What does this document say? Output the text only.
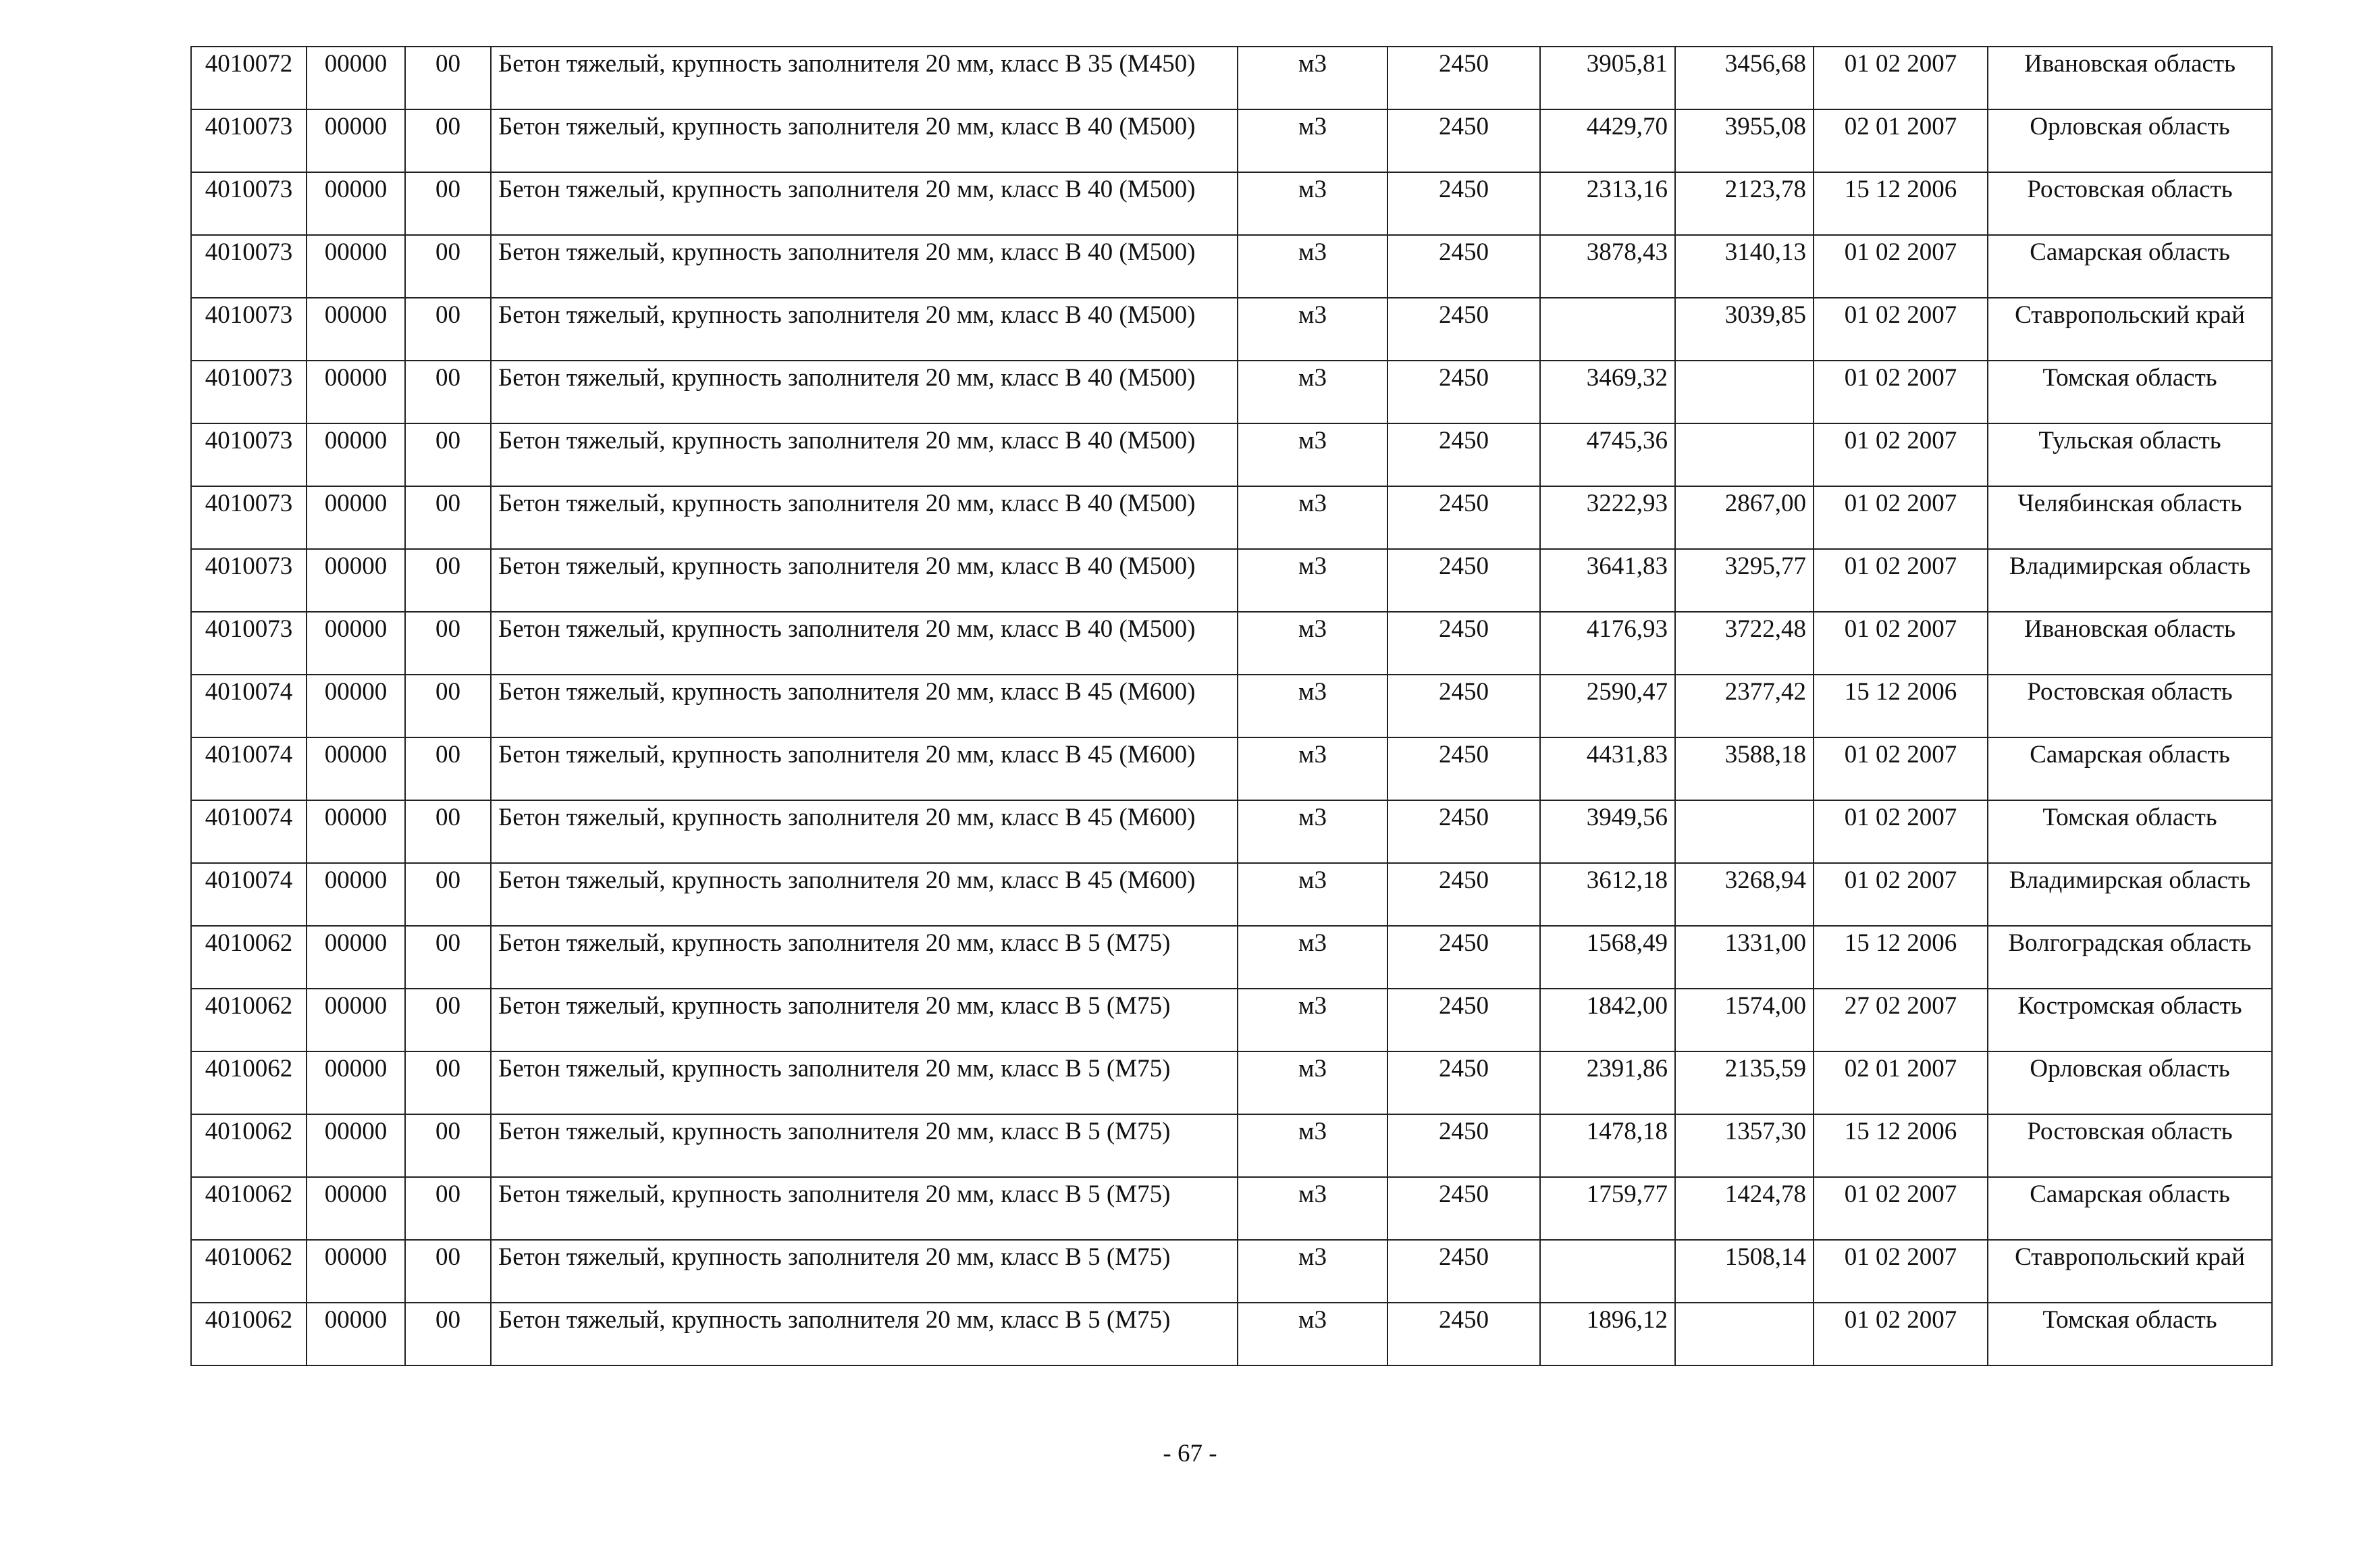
4010072	00000	00	Бетон тяжелый, крупность заполнителя 20 мм, класс В 35 (М450)	м3	2450	3905,81	3456,68	01 02 2007	Ивановская область
4010073	00000	00	Бетон тяжелый, крупность заполнителя 20 мм, класс В 40 (М500)	м3	2450	4429,70	3955,08	02 01 2007	Орловская область
4010073	00000	00	Бетон тяжелый, крупность заполнителя 20 мм, класс В 40 (М500)	м3	2450	2313,16	2123,78	15 12 2006	Ростовская область
4010073	00000	00	Бетон тяжелый, крупность заполнителя 20 мм, класс В 40 (М500)	м3	2450	3878,43	3140,13	01 02 2007	Самарская область
4010073	00000	00	Бетон тяжелый, крупность заполнителя 20 мм, класс В 40 (М500)	м3	2450		3039,85	01 02 2007	Ставропольский край
4010073	00000	00	Бетон тяжелый, крупность заполнителя 20 мм, класс В 40 (М500)	м3	2450	3469,32		01 02 2007	Томская область
4010073	00000	00	Бетон тяжелый, крупность заполнителя 20 мм, класс В 40 (М500)	м3	2450	4745,36		01 02 2007	Тульская область
4010073	00000	00	Бетон тяжелый, крупность заполнителя 20 мм, класс В 40 (М500)	м3	2450	3222,93	2867,00	01 02 2007	Челябинская область
4010073	00000	00	Бетон тяжелый, крупность заполнителя 20 мм, класс В 40 (М500)	м3	2450	3641,83	3295,77	01 02 2007	Владимирская область
4010073	00000	00	Бетон тяжелый, крупность заполнителя 20 мм, класс В 40 (М500)	м3	2450	4176,93	3722,48	01 02 2007	Ивановская область
4010074	00000	00	Бетон тяжелый, крупность заполнителя 20 мм, класс В 45 (М600)	м3	2450	2590,47	2377,42	15 12 2006	Ростовская область
4010074	00000	00	Бетон тяжелый, крупность заполнителя 20 мм, класс В 45 (М600)	м3	2450	4431,83	3588,18	01 02 2007	Самарская область
4010074	00000	00	Бетон тяжелый, крупность заполнителя 20 мм, класс В 45 (М600)	м3	2450	3949,56		01 02 2007	Томская область
4010074	00000	00	Бетон тяжелый, крупность заполнителя 20 мм, класс В 45 (М600)	м3	2450	3612,18	3268,94	01 02 2007	Владимирская область
4010062	00000	00	Бетон тяжелый, крупность заполнителя 20 мм, класс В 5 (М75)	м3	2450	1568,49	1331,00	15 12 2006	Волгоградская область
4010062	00000	00	Бетон тяжелый, крупность заполнителя 20 мм, класс В 5 (М75)	м3	2450	1842,00	1574,00	27 02 2007	Костромская область
4010062	00000	00	Бетон тяжелый, крупность заполнителя 20 мм, класс В 5 (М75)	м3	2450	2391,86	2135,59	02 01 2007	Орловская область
4010062	00000	00	Бетон тяжелый, крупность заполнителя 20 мм, класс В 5 (М75)	м3	2450	1478,18	1357,30	15 12 2006	Ростовская область
4010062	00000	00	Бетон тяжелый, крупность заполнителя 20 мм, класс В 5 (М75)	м3	2450	1759,77	1424,78	01 02 2007	Самарская область
4010062	00000	00	Бетон тяжелый, крупность заполнителя 20 мм, класс В 5 (М75)	м3	2450		1508,14	01 02 2007	Ставропольский край
4010062	00000	00	Бетон тяжелый, крупность заполнителя 20 мм, класс В 5 (М75)	м3	2450	1896,12		01 02 2007	Томская область
- 67 -
